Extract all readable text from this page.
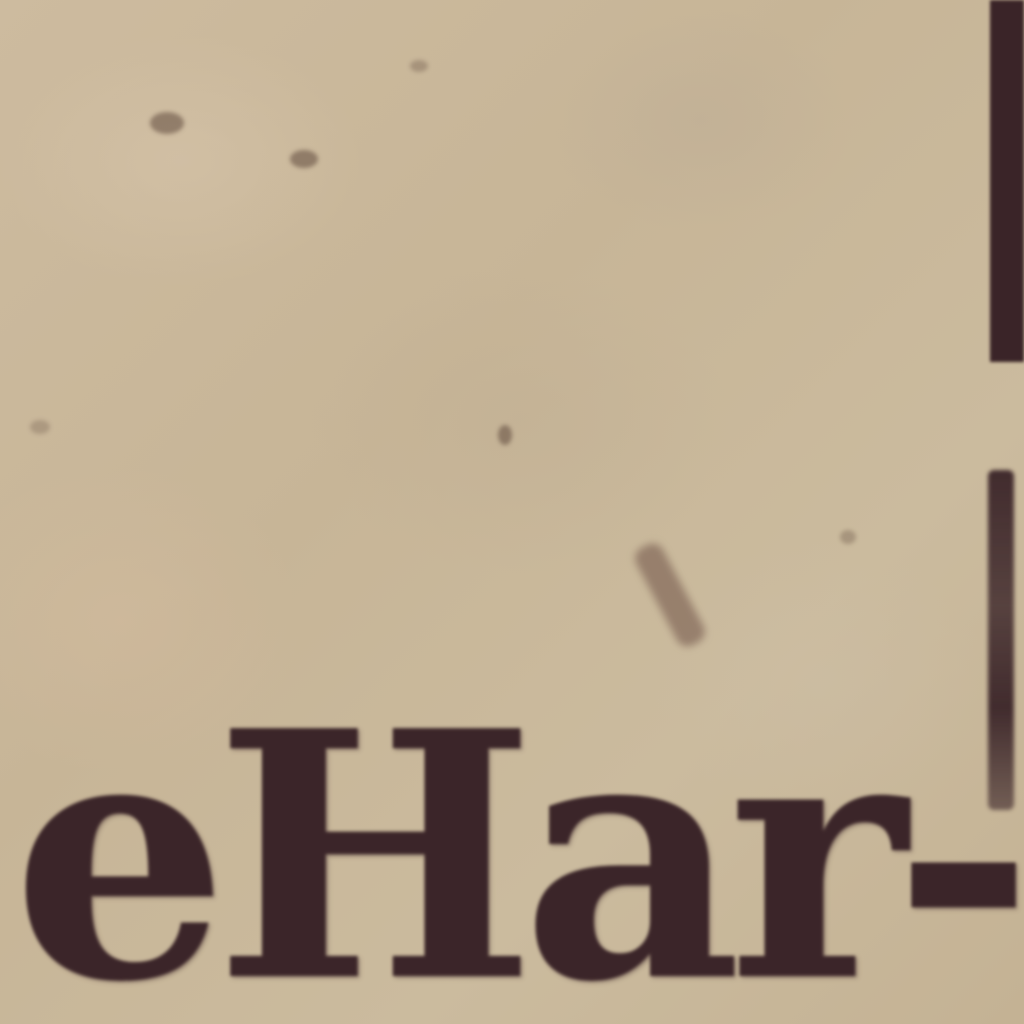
eHar-
